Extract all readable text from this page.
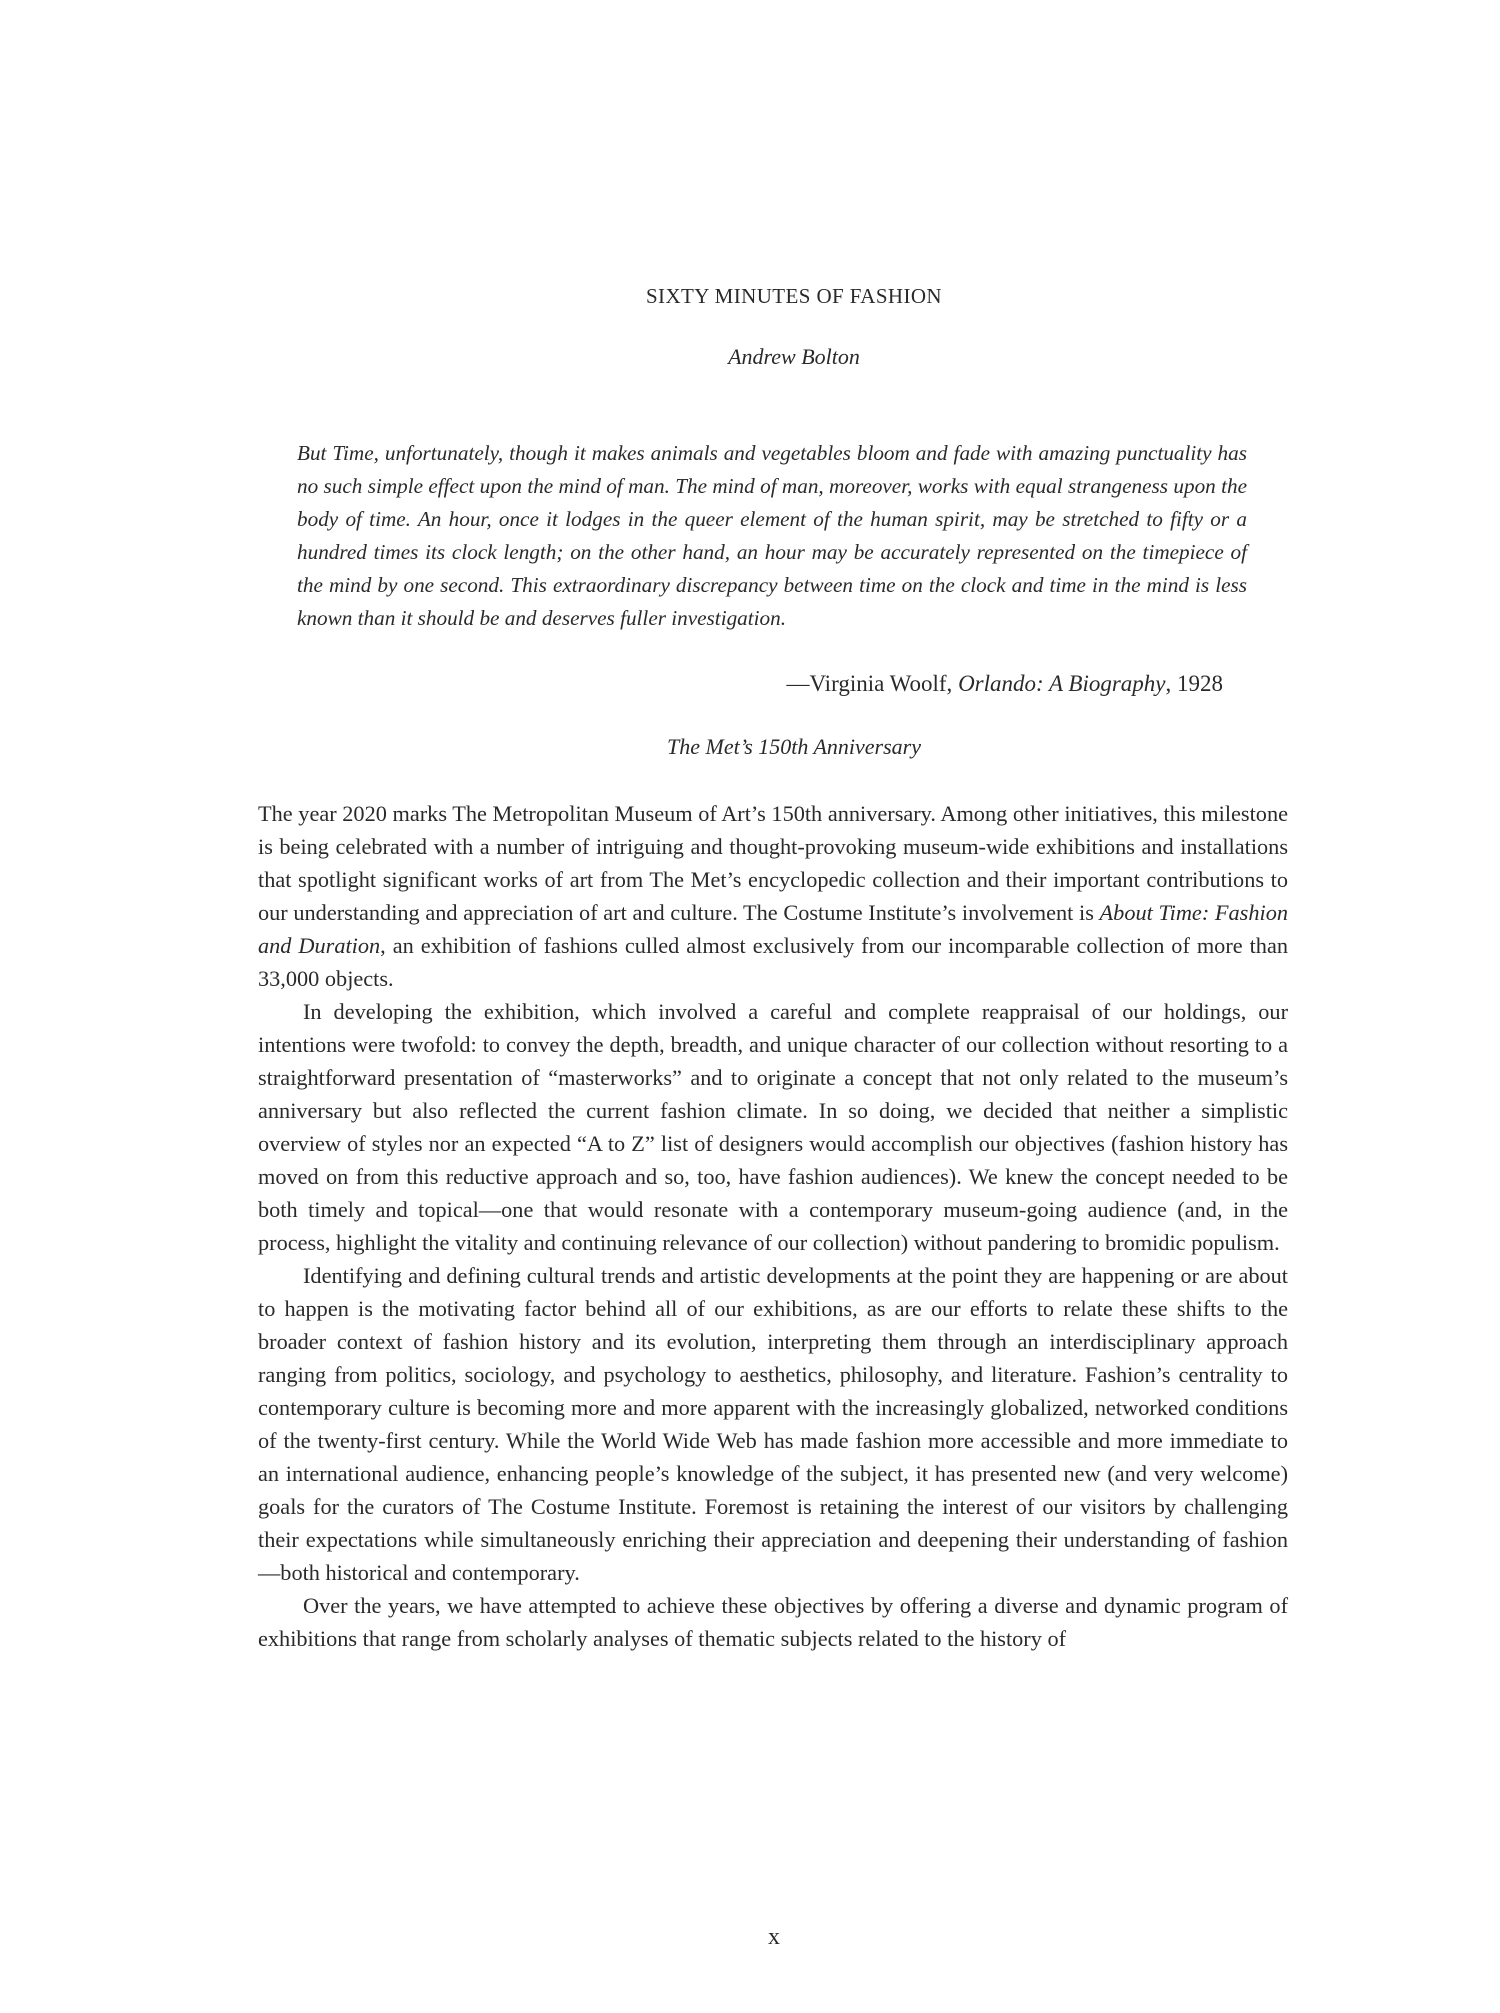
SIXTY MINUTES OF FASHION
Andrew Bolton
But Time, unfortunately, though it makes animals and vegetables bloom and fade with amazing punctuality has no such simple effect upon the mind of man. The mind of man, moreover, works with equal strangeness upon the body of time. An hour, once it lodges in the queer element of the human spirit, may be stretched to fifty or a hundred times its clock length; on the other hand, an hour may be accurately represented on the timepiece of the mind by one second. This extraordinary discrepancy between time on the clock and time in the mind is less known than it should be and deserves fuller investigation.
—Virginia Woolf, Orlando: A Biography, 1928
The Met’s 150th Anniversary

The year 2020 marks The Metropolitan Museum of Art’s 150th anniversary. Among other initiatives, this milestone is being celebrated with a number of intriguing and thought-provoking museum-wide exhibitions and installations that spotlight significant works of art from The Met’s encyclopedic collection and their important contributions to our understanding and appreciation of art and culture. The Costume Institute’s involvement is About Time: Fashion and Duration, an exhibition of fashions culled almost exclusively from our incomparable collection of more than 33,000 objects.

In developing the exhibition, which involved a careful and complete reappraisal of our holdings, our intentions were twofold: to convey the depth, breadth, and unique character of our collection without resorting to a straightforward presentation of “masterworks” and to originate a concept that not only related to the museum’s anniversary but also reflected the current fashion climate. In so doing, we decided that neither a simplistic overview of styles nor an expected “A to Z” list of designers would accomplish our objectives (fashion history has moved on from this reductive approach and so, too, have fashion audiences). We knew the concept needed to be both timely and topical—one that would resonate with a contemporary museum-going audience (and, in the process, highlight the vitality and continuing relevance of our collection) without pandering to bromidic populism.

Identifying and defining cultural trends and artistic developments at the point they are happening or are about to happen is the motivating factor behind all of our exhibitions, as are our efforts to relate these shifts to the broader context of fashion history and its evolution, interpreting them through an interdisciplinary approach ranging from politics, sociology, and psychology to aesthetics, philosophy, and literature. Fashion’s centrality to contemporary culture is becoming more and more apparent with the increasingly globalized, networked conditions of the twenty-first century. While the World Wide Web has made fashion more accessible and more immediate to an international audience, enhancing people’s knowledge of the subject, it has presented new (and very welcome) goals for the curators of The Costume Institute. Foremost is retaining the interest of our visitors by challenging their expectations while simultaneously enriching their appreciation and deepening their understanding of fashion—both historical and contemporary.

Over the years, we have attempted to achieve these objectives by offering a diverse and dynamic program of exhibitions that range from scholarly analyses of thematic subjects related to the history of

x
